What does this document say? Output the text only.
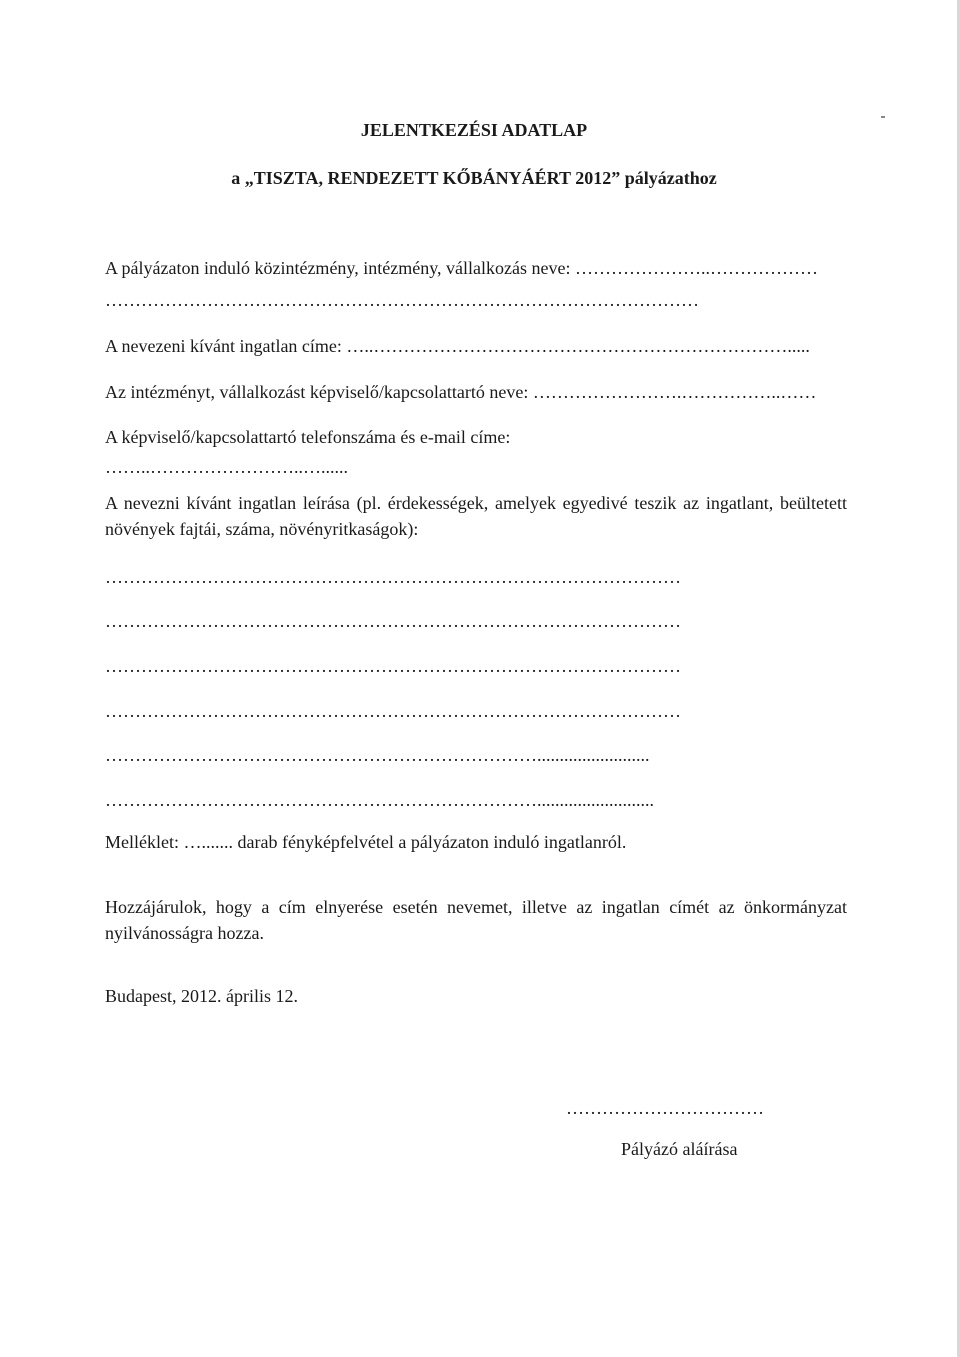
JELENTKEZÉSI ADATLAP
a „TISZTA, RENDEZETT KŐBÁNYÁÉRT 2012” pályázathoz
A pályázaton induló közintézmény, intézmény, vállalkozás neve: …………………..………………
………………………………………………………………………………………
A nevezeni kívánt ingatlan címe: …..…………………………………………………………….....
Az intézményt, vállalkozást képviselő/kapcsolattartó neve: …………………….……………..……
A képviselő/kapcsolattartó telefonszáma és e-mail címe:
……..……………………..…......
A nevezni kívánt ingatlan leírása (pl. érdekességek, amelyek egyedivé teszik az ingatlant, beültetett növények fajtái, száma, növényritkaságok):
……………………………………………………………………………………
……………………………………………………………………………………
……………………………………………………………………………………
……………………………………………………………………………………
……………………………………………………………….........................
………………………………………………………………..........................
Melléklet: …....... darab fényképfelvétel a pályázaton induló ingatlanról.
Hozzájárulok, hogy a cím elnyerése esetén nevemet, illetve az ingatlan címét az önkormányzat nyilvánosságra hozza.
Budapest, 2012. április 12.
……………………………
Pályázó aláírása
